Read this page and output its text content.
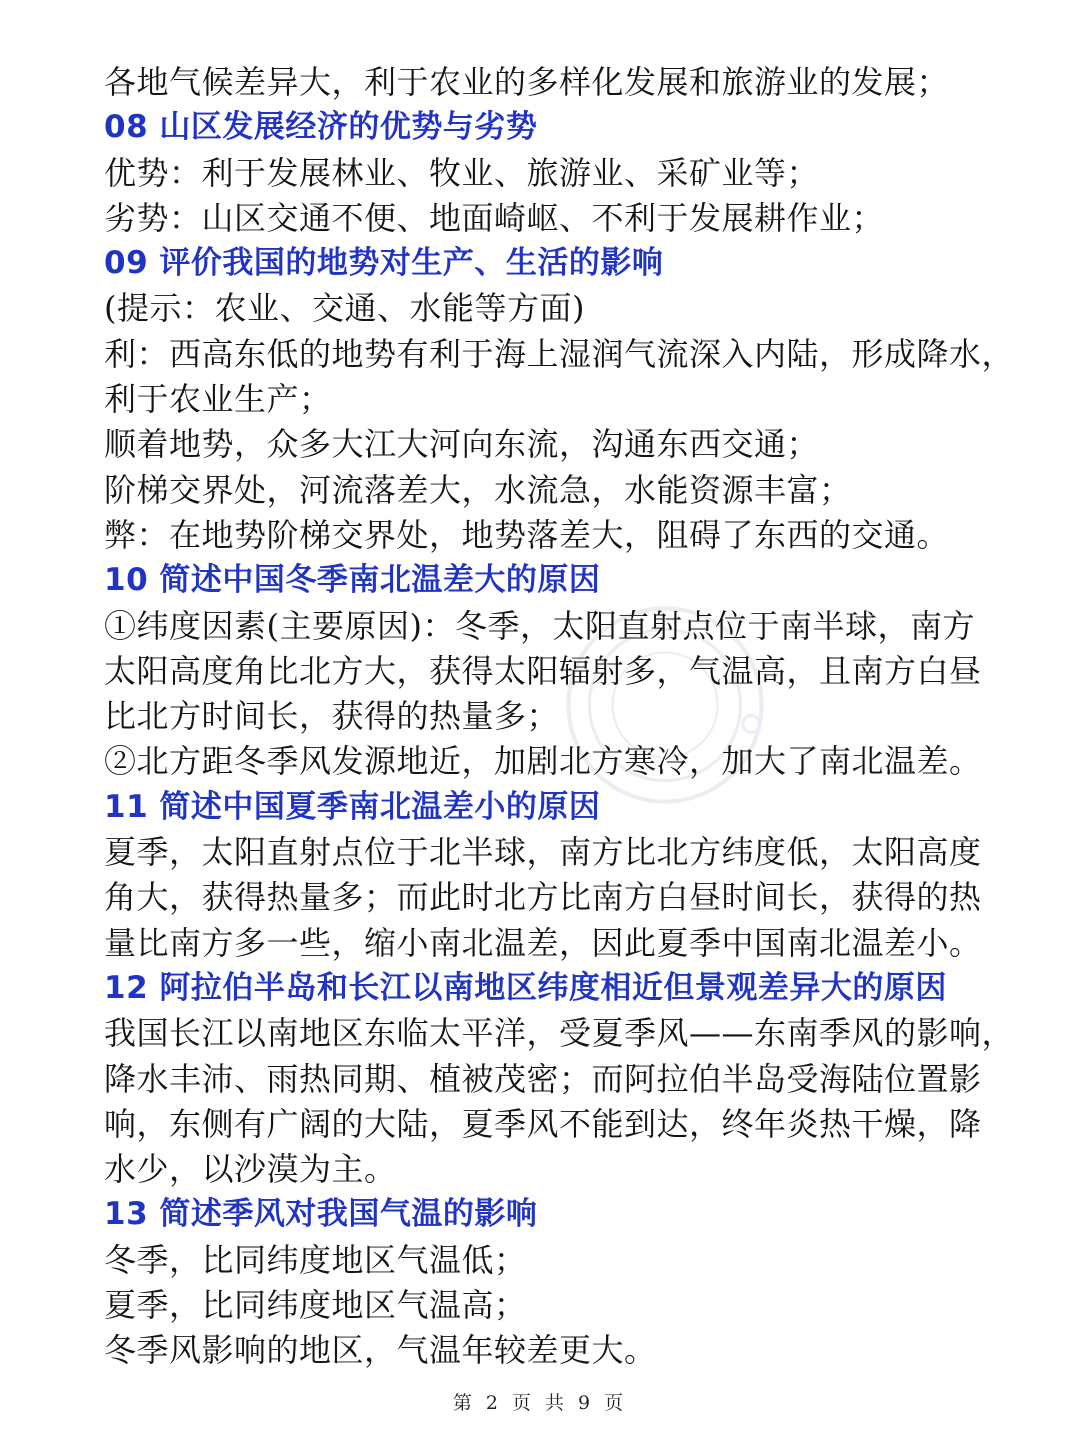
各地气候差异大，利于农业的多样化发展和旅游业的发展；
08 山区发展经济的优势与劣势
优势：利于发展林业、牧业、旅游业、采矿业等；
劣势：山区交通不便、地面崎岖、不利于发展耕作业；
09 评价我国的地势对生产、生活的影响
(提示：农业、交通、水能等方面)
利：西高东低的地势有利于海上湿润气流深入内陆，形成降水，
利于农业生产；
顺着地势，众多大江大河向东流，沟通东西交通；
阶梯交界处，河流落差大，水流急，水能资源丰富；
弊：在地势阶梯交界处，地势落差大，阻碍了东西的交通。
10 简述中国冬季南北温差大的原因
①纬度因素(主要原因)：冬季，太阳直射点位于南半球，南方
太阳高度角比北方大，获得太阳辐射多，气温高，且南方白昼
比北方时间长，获得的热量多；
②北方距冬季风发源地近，加剧北方寒冷，加大了南北温差。
11 简述中国夏季南北温差小的原因
夏季，太阳直射点位于北半球，南方比北方纬度低，太阳高度
角大，获得热量多；而此时北方比南方白昼时间长，获得的热
量比南方多一些，缩小南北温差，因此夏季中国南北温差小。
12 阿拉伯半岛和长江以南地区纬度相近但景观差异大的原因
我国长江以南地区东临太平洋，受夏季风——东南季风的影响，
降水丰沛、雨热同期、植被茂密；而阿拉伯半岛受海陆位置影
响，东侧有广阔的大陆，夏季风不能到达，终年炎热干燥，降
水少，以沙漠为主。
13 简述季风对我国气温的影响
冬季，比同纬度地区气温低；
夏季，比同纬度地区气温高；
冬季风影响的地区，气温年较差更大。
第 2 页 共 9 页
